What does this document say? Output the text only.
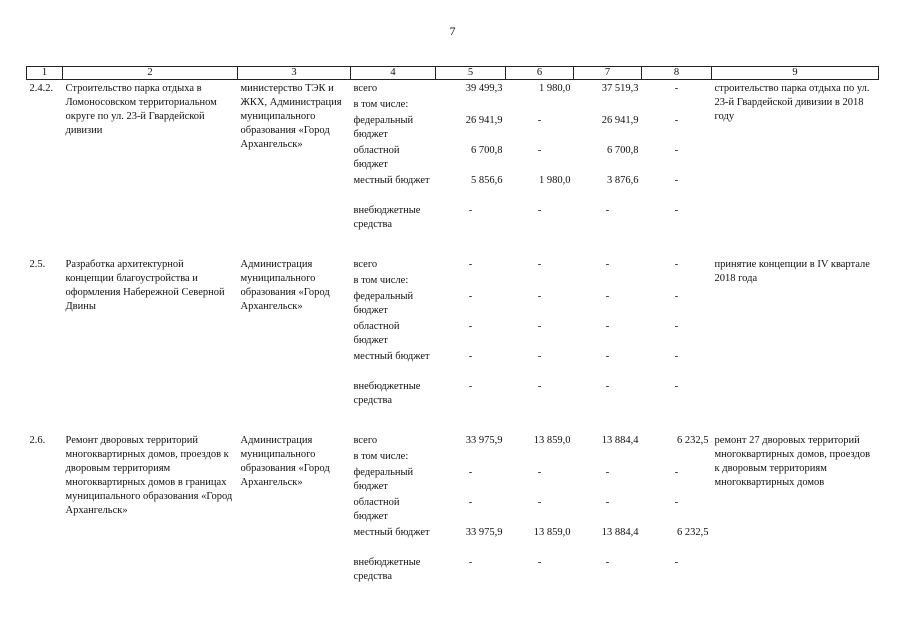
7
1	2	3	4	5	6	7	8	9
2.4.2.	Строительство парка отдыха в Ломоносовском территориальном округе по ул. 23-й Гвардейской дивизии	министерство ТЭК и ЖКХ, Администрация муниципального образования «Город Архангельск»	всего	39 499,3	1 980,0	37 519,3	-	строительство парка отдыха по ул. 23-й Гвардейской дивизии в 2018 году
			в том числе:					
			федеральный бюджет	26 941,9	-	26 941,9	-	
			областной бюджет	6 700,8	-	6 700,8	-	
			местный бюджет	5 856,6	1 980,0	3 876,6	-	
			внебюджетные средства	-	-	-	-	

2.5.	Разработка архитектурной концепции благоустройства и оформления Набережной Северной Двины	Администрация муниципального образования «Город Архангельск»	всего	-	-	-	-	принятие концепции в IV квартале 2018 года
			в том числе:					
			федеральный бюджет	-	-	-	-	
			областной бюджет	-	-	-	-	
			местный бюджет	-	-	-	-	
			внебюджетные средства	-	-	-	-	

2.6.	Ремонт дворовых территорий многоквартирных домов, проездов к дворовым территориям многоквартирных домов в границах муниципального образования «Город Архангельск»	Администрация муниципального образования «Город Архангельск»	всего	33 975,9	13 859,0	13 884,4	6 232,5	ремонт 27 дворовых территорий многоквартирных домов, проездов к дворовым территориям многоквартирных домов
			в том числе:					
			федеральный бюджет	-	-	-	-	
			областной бюджет	-	-	-	-	
			местный бюджет	33 975,9	13 859,0	13 884,4	6 232,5	
			внебюджетные средства	-	-	-	-	
